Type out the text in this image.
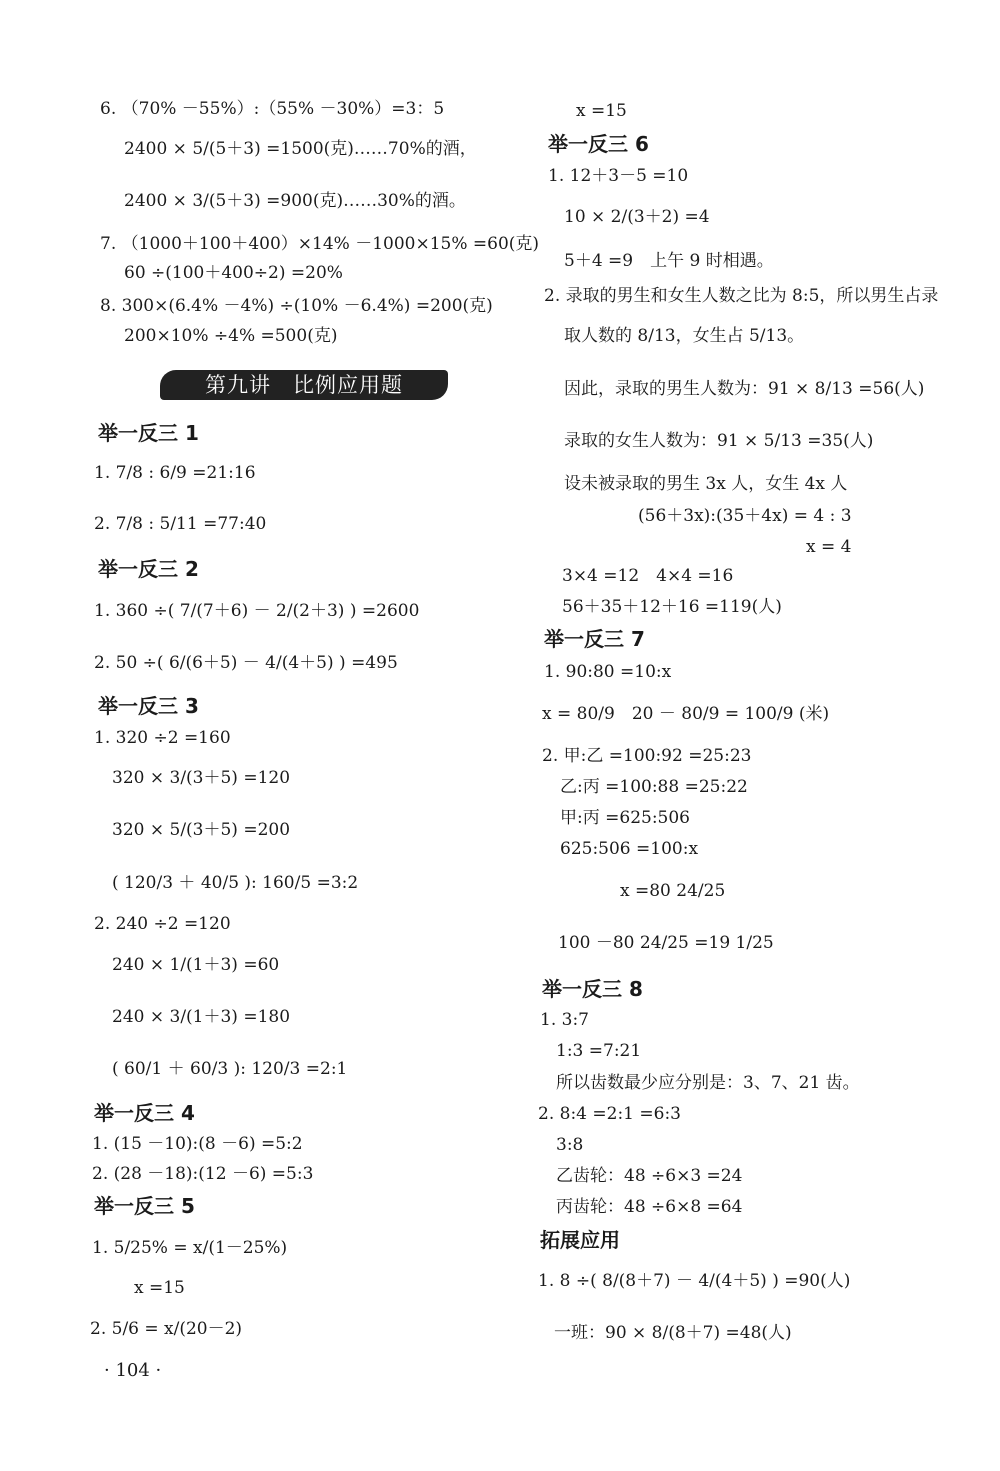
6. （70% －55%）:（55% －30%）=3：5
2400 × 5/(5＋3) =1500(克)……70%的酒，
2400 × 3/(5＋3) =900(克)……30%的酒。
7. （1000＋100＋400）×14% －1000×15% =60(克)
60 ÷(100＋400÷2) =20%
8. 300×(6.4% －4%) ÷(10% －6.4%) =200(克)
200×10% ÷4% =500(克)
举一反三 1
1. 7/8 : 6/9 =21:16
2. 7/8 : 5/11 =77:40
举一反三 2
1. 360 ÷( 7/(7＋6) － 2/(2＋3) ) =2600
2. 50 ÷( 6/(6＋5) － 4/(4＋5) ) =495
举一反三 3
1. 320 ÷2 =160
320 × 3/(3＋5) =120
320 × 5/(3＋5) =200
( 120/3 ＋ 40/5 ): 160/5 =3:2
2. 240 ÷2 =120
240 × 1/(1＋3) =60
240 × 3/(1＋3) =180
( 60/1 ＋ 60/3 ): 120/3 =2:1
举一反三 4
1. (15 －10):(8 －6) =5:2
2. (28 －18):(12 －6) =5:3
举一反三 5
1. 5/25% = x/(1－25%)
x =15
2. 5/6 = x/(20－2)
第九讲　比例应用题
x =15
举一反三 6
1. 12＋3－5 =10
10 × 2/(3＋2) =4
5＋4 =9　上午 9 时相遇。
2. 录取的男生和女生人数之比为 8:5，所以男生占录
取人数的 8/13，女生占 5/13。
因此，录取的男生人数为：91 × 8/13 =56(人)
录取的女生人数为：91 × 5/13 =35(人)
设未被录取的男生 3x 人，女生 4x 人
(56＋3x):(35＋4x) = 4 : 3
x = 4
3×4 =12　4×4 =16
56＋35＋12＋16 =119(人)
举一反三 7
1. 90:80 =10:x
x = 80/9　20 － 80/9 = 100/9 (米)
2. 甲:乙 =100:92 =25:23
乙:丙 =100:88 =25:22
甲:丙 =625:506
625:506 =100:x
x =80 24/25
100 －80 24/25 =19 1/25
举一反三 8
1. 3:7
1:3 =7:21
所以齿数最少应分别是：3、7、21 齿。
2. 8:4 =2:1 =6:3
3:8
乙齿轮：48 ÷6×3 =24
丙齿轮：48 ÷6×8 =64
拓展应用
1. 8 ÷( 8/(8＋7) － 4/(4＋5) ) =90(人)
一班：90 × 8/(8＋7) =48(人)
· 104 ·
